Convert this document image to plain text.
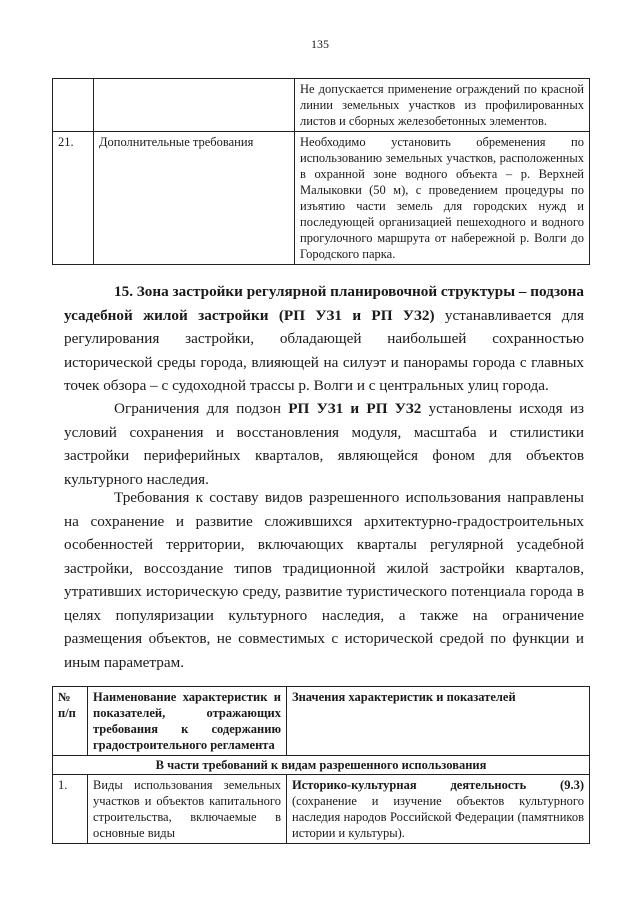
135
		Не допускается применение ограждений по красной линии земельных участков из профилированных листов и сборных железобетонных элементов.
21.	Дополнительные требования	Необходимо установить обременения по использованию земельных участков, расположенных в охранной зоне водного объекта – р. Верхней Малыковки (50 м), с проведением процедуры по изъятию части земель для городских нужд и последующей организацией пешеходного и водного прогулочного маршрута от набережной р. Волги до Городского парка.

15. Зона застройки регулярной планировочной структуры – подзона усадебной жилой застройки (РП УЗ1 и РП УЗ2) устанавливается для регулирования застройки, обладающей наибольшей сохранностью исторической среды города, влияющей на силуэт и панорамы города с главных точек обзора – с судоходной трассы р. Волги и с центральных улиц города.

Ограничения для подзон РП УЗ1 и РП УЗ2 установлены исходя из условий сохранения и восстановления модуля, масштаба и стилистики застройки периферийных кварталов, являющейся фоном для объектов культурного наследия.

Требования к составу видов разрешенного использования направлены на сохранение и развитие сложившихся архитектурно-градостроительных особенностей территории, включающих кварталы регулярной усадебной застройки, воссоздание типов традиционной жилой застройки кварталов, утративших историческую среду, развитие туристического потенциала города в целях популяризации культурного наследия, а также на ограничение размещения объектов, не совместимых с исторической средой по функции и иным параметрам.

№ п/п	Наименование характеристик и показателей, отражающих требования к содержанию градостроительного регламента	Значения характеристик и показателей
В части требований к видам разрешенного использования		
1.	Виды использования земельных участков и объектов капитального строительства, включаемые в основные виды	Историко-культурная деятельность (9.3) (сохранение и изучение объектов культурного наследия народов Российской Федерации (памятников истории и культуры).
